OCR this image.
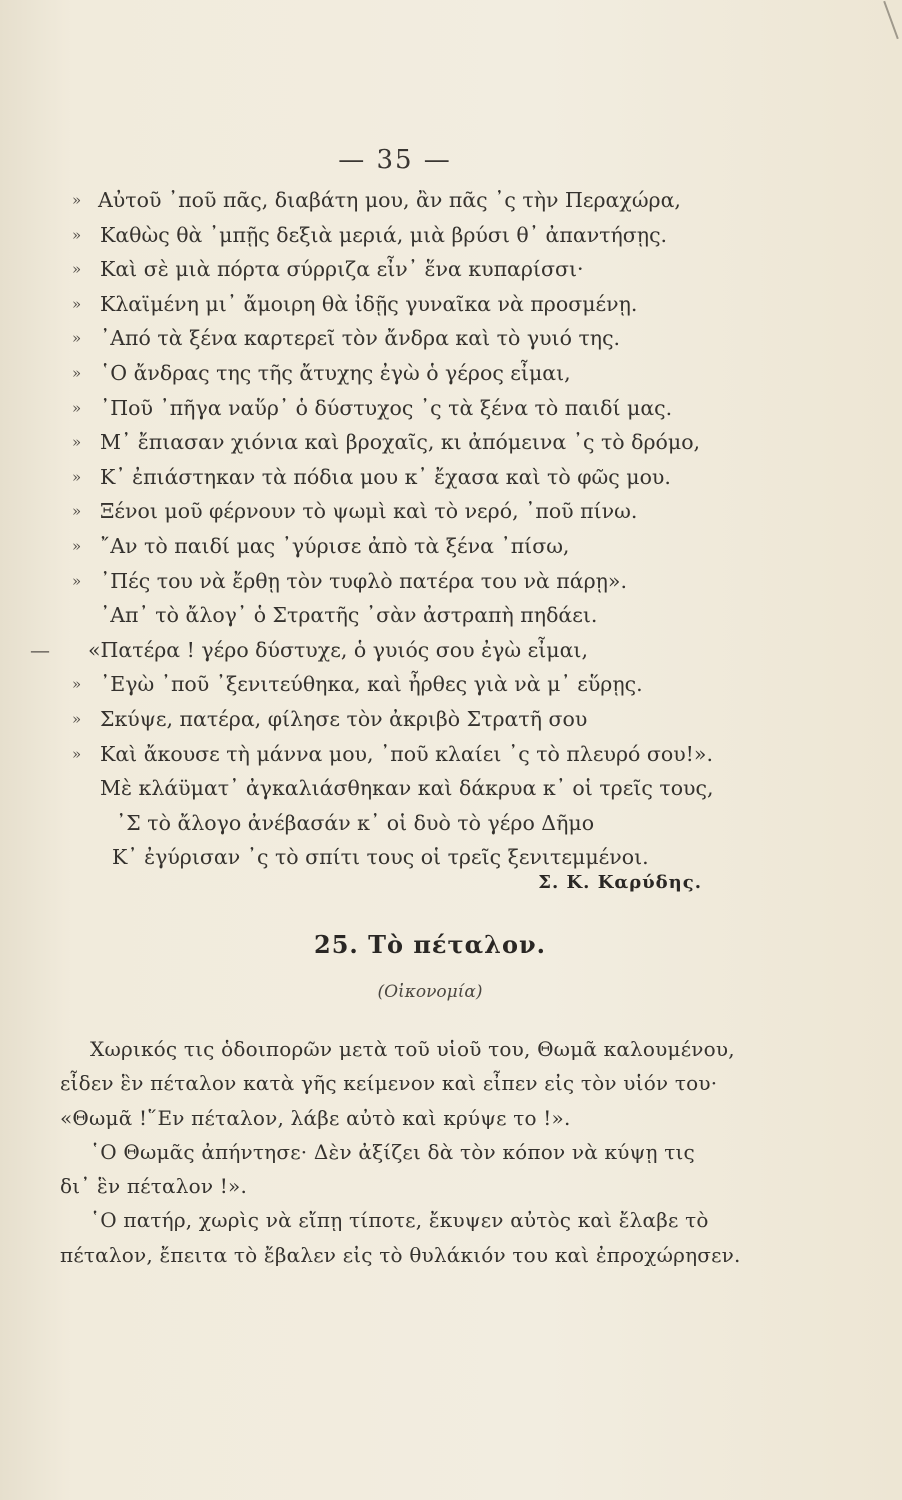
— 35 —
» Αὐτοῦ ᾿ποῦ πᾶς, διαβάτη μου, ἂν πᾶς ᾿ς τὴν Περαχώρα,
» Καθὼς θὰ ᾿μπῇς δεξιὰ μεριά, μιὰ βρύσι θ᾿ ἀπαντήσῃς.
» Καὶ σὲ μιὰ πόρτα σύρριζα εἶν᾿ ἕνα κυπαρίσσι·
» Κλαϊμένη μι᾿ ἄμοιρη θὰ ἰδῇς γυναῖκα νὰ προσμένῃ.
» ᾿Από τὰ ξένα καρτερεῖ τὸν ἄνδρα καὶ τὸ γυιό της.
» ῾Ο ἄνδρας της τῆς ἄτυχης ἐγὼ ὁ γέρος εἶμαι,
» ᾿Ποῦ ᾿πῆγα ναὕρ᾿ ὁ δύστυχος ᾿ς τὰ ξένα τὸ παιδί μας.
» Μ᾿ ἔπιασαν χιόνια καὶ βροχαῖς, κι ἀπόμεινα ᾿ς τὸ δρόμο,
» Κ᾿ ἐπιάστηκαν τὰ πόδια μου κ᾿ ἔχασα καὶ τὸ φῶς μου.
» Ξένοι μοῦ φέρνουν τὸ ψωμὶ καὶ τὸ νερό, ᾿ποῦ πίνω.
» ῎Αν τὸ παιδί μας ᾿γύρισε ἀπὸ τὰ ξένα ᾿πίσω,
» ᾿Πές του νὰ ἔρθῃ τὸν τυφλὸ πατέρα του νὰ πάρῃ».
᾿Απ᾿ τὸ ἄλογ᾿ ὁ Στρατῆς ᾿σὰν ἀστραπὴ πηδάει.
— «Πατέρα ! γέρο δύστυχε, ὁ γυιός σου ἐγὼ εἶμαι,
» ᾿Εγὼ ᾿ποῦ ᾿ξενιτεύθηκα, καὶ ἦρθες γιὰ νὰ μ᾿ εὕρῃς.
» Σκύψε, πατέρα, φίλησε τὸν ἀκριβὸ Στρατῆ σου
» Καὶ ἄκουσε τὴ μάννα μου, ᾿ποῦ κλαίει ᾿ς τὸ πλευρό σου!».
Μὲ κλάϋματ᾿ ἀγκαλιάσθηκαν καὶ δάκρυα κ᾿ οἱ τρεῖς τους,
᾿Σ τὸ ἄλογο ἀνέβασάν κ᾿ οἱ δυὸ τὸ γέρο Δῆμο
Κ᾿ ἐγύρισαν ᾿ς τὸ σπίτι τους οἱ τρεῖς ξενιτεμμένοι.
Σ. Κ. Καρύδης.
25. Τὸ πέταλον.
(Οἰκονομία)
Χωρικός τις ὁδοιπορῶν μετὰ τοῦ υἱοῦ του, Θωμᾶ καλουμένου,
εἶδεν ἓν πέταλον κατὰ γῆς κείμενον καὶ εἶπεν εἰς τὸν υἱόν του·
«Θωμᾶ !῞Εν πέταλον, λάβε αὐτὸ καὶ κρύψε το !».
῾Ο Θωμᾶς ἀπήντησε· Δὲν ἀξίζει δὰ τὸν κόπον νὰ κύψῃ τις
δι᾿ ἓν πέταλον !».
῾Ο πατήρ, χωρὶς νὰ εἴπῃ τίποτε, ἔκυψεν αὐτὸς καὶ ἔλαβε τὸ
πέταλον, ἔπειτα τὸ ἔβαλεν εἰς τὸ θυλάκιόν του καὶ ἐπροχώρησεν.
